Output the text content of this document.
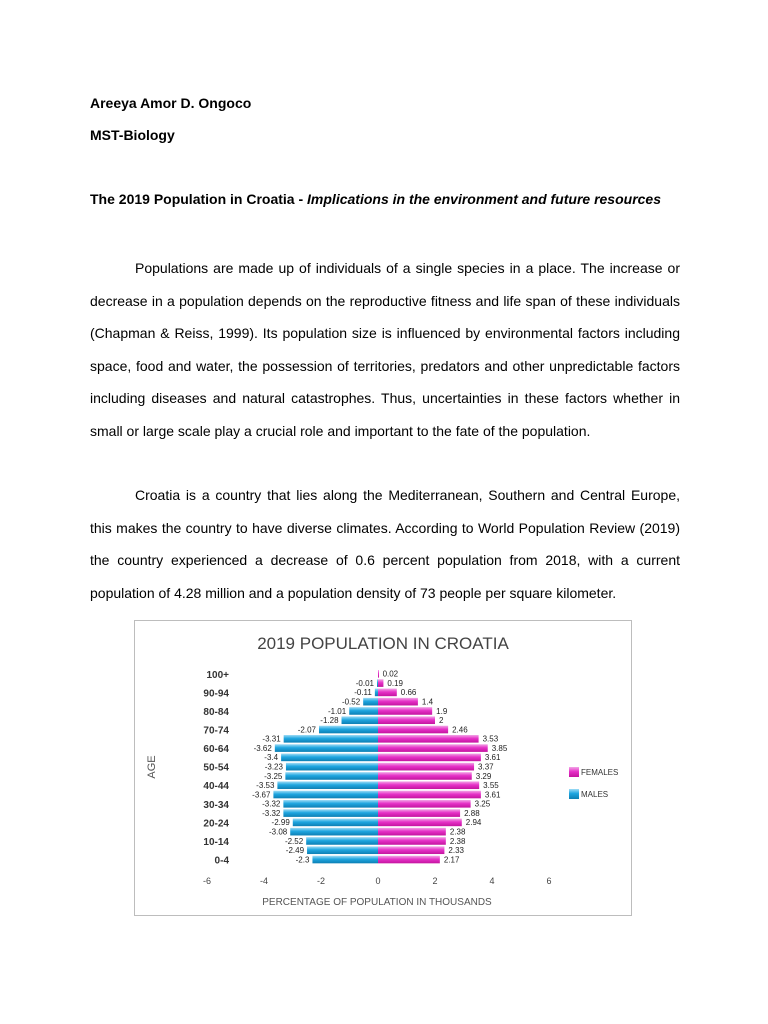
Areeya Amor D. Ongoco
MST-Biology
The 2019 Population in Croatia - Implications in the environment and future resources

Populations are made up of individuals of a single species in a place. The increase or decrease in a population depends on the reproductive fitness and life span of these individuals (Chapman & Reiss, 1999). Its population size is influenced by environmental factors including space, food and water, the possession of territories, predators and other unpredictable factors including diseases and natural catastrophes. Thus, uncertainties in these factors whether in small or large scale play a crucial role and important to the fate of the population.

Croatia is a country that lies along the Mediterranean, Southern and Central Europe, this makes the country to have diverse climates. According to World Population Review (2019) the country experienced a decrease of 0.6 percent population from 2018, with a current population of 4.28 million and a population density of 73 people per square kilometer.

2019 POPULATION IN CROATIA
AGE
PERCENTAGE OF POPULATION IN THOUSANDS
0.02
0.19
0.66
1.4
1.9
2
2.46
3.53
3.85
3.61
3.37
3.29
3.55
3.61
3.25
2.88
2.94
2.38
2.38
2.33
2.17
-0.01
-0.11
-0.52
-1.01
-1.28
-2.07
-3.31
-3.62
-3.4
-3.23
-3.25
-3.53
-3.67
-3.32
-3.32
-2.99
-3.08
-2.52
-2.49
-2.3
-6	-4	-2	0	2	4	6
100+
90-94
80-84
70-74
60-64
50-54
40-44
30-34
20-24
10-14
0-4
FEMALES
MALES
